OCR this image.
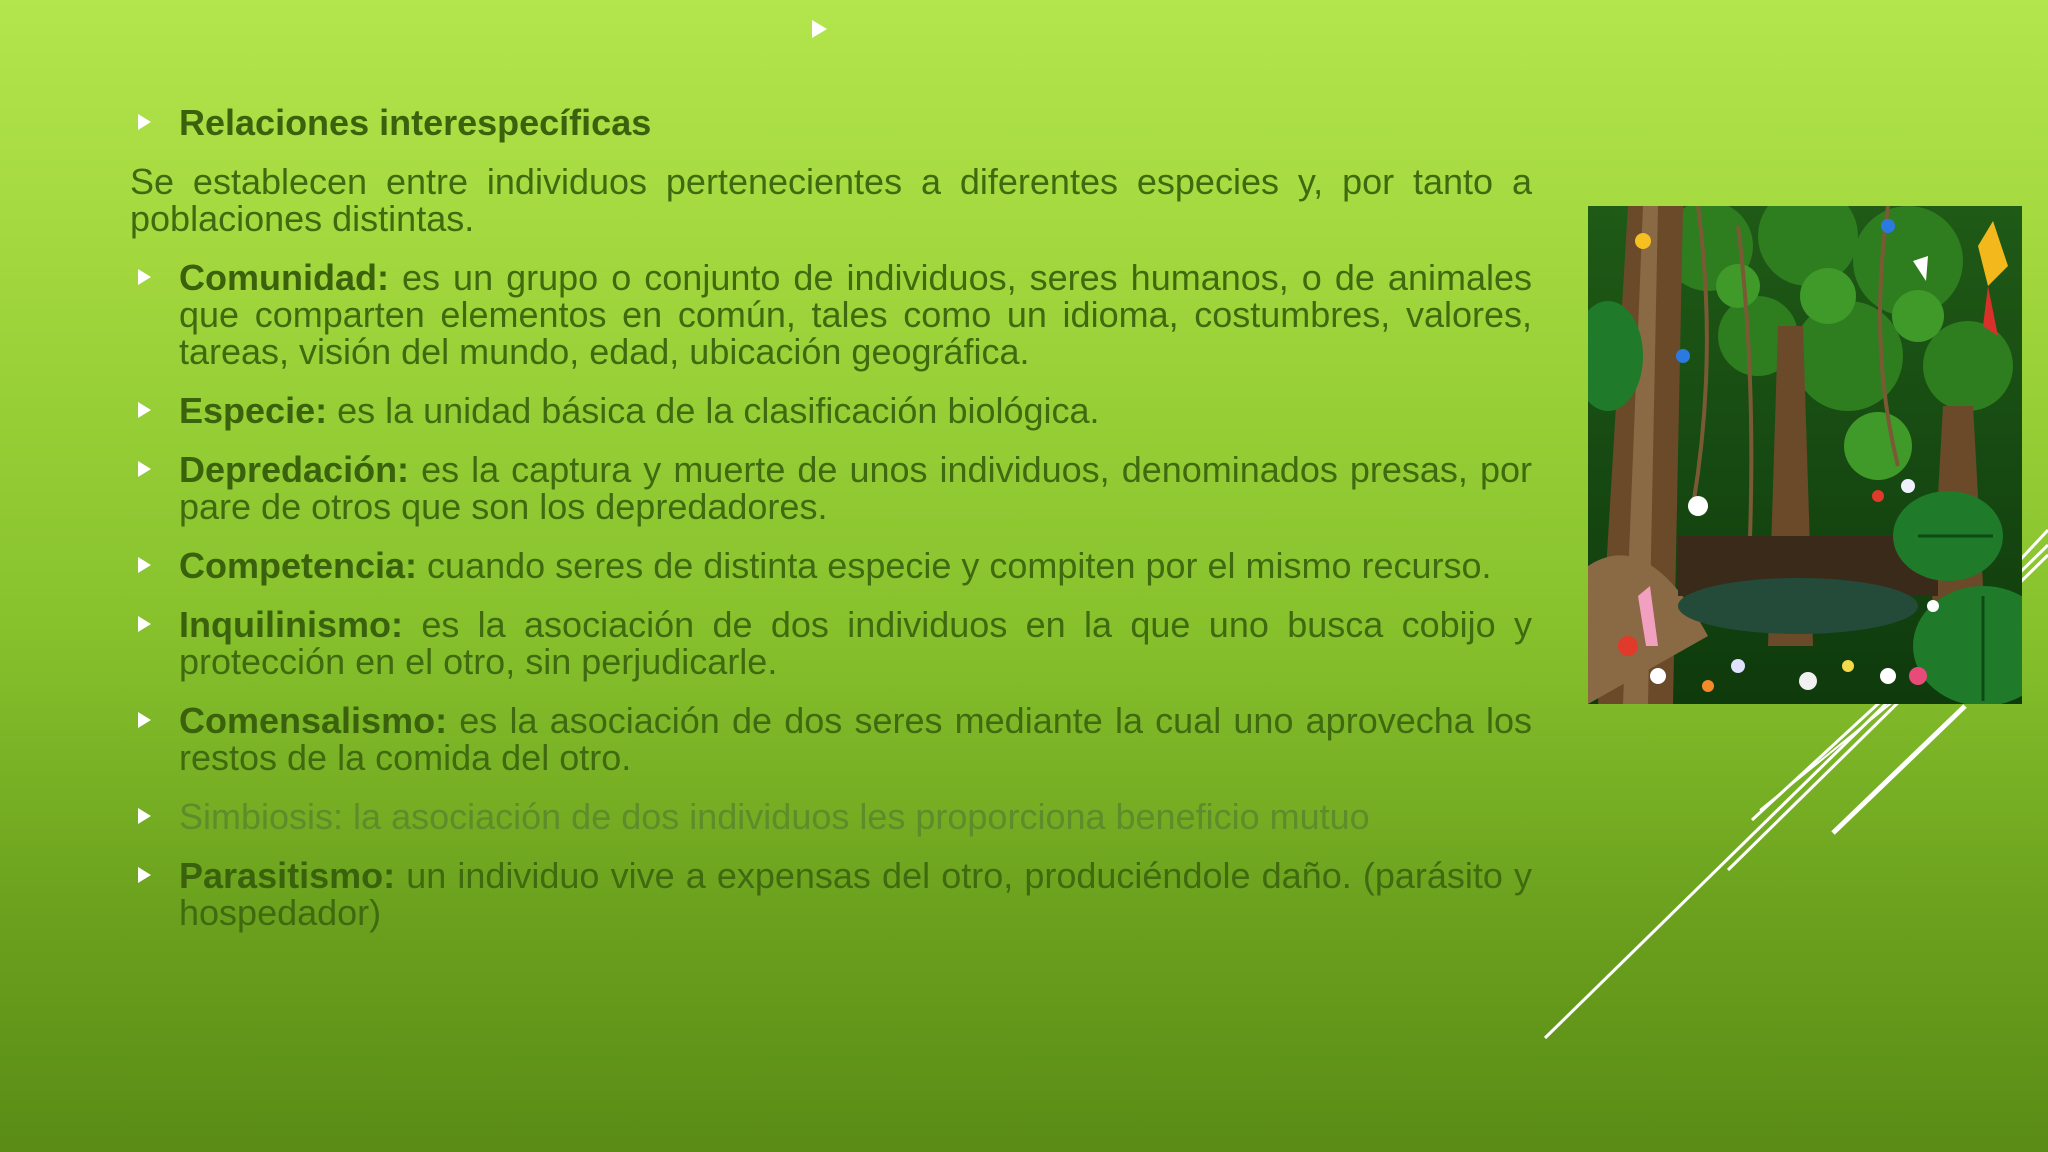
Relaciones interespecíficas
Se establecen entre individuos pertenecientes a diferentes especies y, por tanto a poblaciones distintas.
Comunidad: es un grupo o conjunto de individuos, seres humanos, o de animales que comparten elementos en común, tales como un idioma, costumbres, valores, tareas, visión del mundo, edad, ubicación geográfica.
Especie: es la unidad básica de la clasificación biológica.
Depredación: es la captura y muerte de unos individuos, denominados presas, por pare de otros que son los depredadores.
Competencia: cuando seres de distinta especie y compiten por el mismo recurso.
Inquilinismo: es la asociación de dos individuos en la que uno busca cobijo y protección en el otro, sin perjudicarle.
Comensalismo: es la asociación de dos seres mediante la cual uno aprovecha los restos de la comida del otro.
Simbiosis: la asociación de dos individuos les proporciona beneficio mutuo
Parasitismo: un individuo vive a expensas del otro, produciéndole daño. (parásito y hospedador)
